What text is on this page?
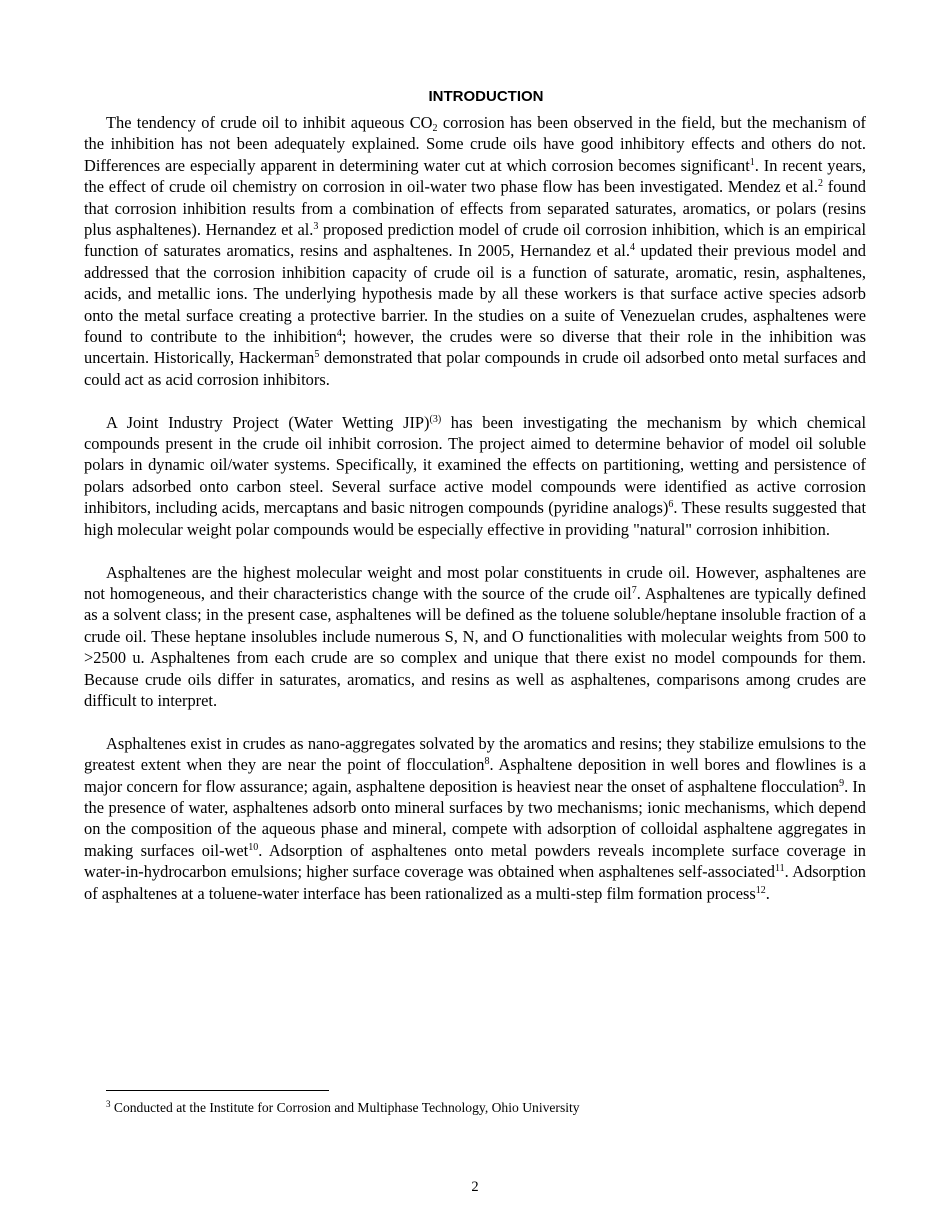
INTRODUCTION

The tendency of crude oil to inhibit aqueous $CO_2$ corrosion has been observed in the field, but the mechanism of the inhibition has not been adequately explained. Some crude oils have good inhibitory effects and others do not. Differences are especially apparent in determining water cut at which corrosion becomes significant$^1$. In recent years, the effect of crude oil chemistry on corrosion in oil-water two phase flow has been investigated. Mendez et al.$^2$ found that corrosion inhibition results from a combination of effects from separated saturates, aromatics, or polars (resins plus asphaltenes). Hernandez et al.$^3$ proposed prediction model of crude oil corrosion inhibition, which is an empirical function of saturates aromatics, resins and asphaltenes. In 2005, Hernandez et al.$^4$ updated their previous model and addressed that the corrosion inhibition capacity of crude oil is a function of saturate, aromatic, resin, asphaltenes, acids, and metallic ions. The underlying hypothesis made by all these workers is that surface active species adsorb onto the metal surface creating a protective barrier. In the studies on a suite of Venezuelan crudes, asphaltenes were found to contribute to the inhibition$^4$; however, the crudes were so diverse that their role in the inhibition was uncertain. Historically, Hackerman$^5$ demonstrated that polar compounds in crude oil adsorbed onto metal surfaces and could act as acid corrosion inhibitors.

A Joint Industry Project (Water Wetting JIP)$^{(3)}$ has been investigating the mechanism by which chemical compounds present in the crude oil inhibit corrosion. The project aimed to determine behavior of model oil soluble polars in dynamic oil/water systems. Specifically, it examined the effects on partitioning, wetting and persistence of polars adsorbed onto carbon steel. Several surface active model compounds were identified as active corrosion inhibitors, including acids, mercaptans and basic nitrogen compounds (pyridine analogs)$^6$. These results suggested that high molecular weight polar compounds would be especially effective in providing "natural" corrosion inhibition.

Asphaltenes are the highest molecular weight and most polar constituents in crude oil. However, asphaltenes are not homogeneous, and their characteristics change with the source of the crude oil$^7$. Asphaltenes are typically defined as a solvent class; in the present case, asphaltenes will be defined as the toluene soluble/heptane insoluble fraction of a crude oil. These heptane insolubles include numerous S, N, and O functionalities with molecular weights from 500 to >2500 u. Asphaltenes from each crude are so complex and unique that there exist no model compounds for them. Because crude oils differ in saturates, aromatics, and resins as well as asphaltenes, comparisons among crudes are difficult to interpret.

Asphaltenes exist in crudes as nano-aggregates solvated by the aromatics and resins; they stabilize emulsions to the greatest extent when they are near the point of flocculation$^8$. Asphaltene deposition in well bores and flowlines is a major concern for flow assurance; again, asphaltene deposition is heaviest near the onset of asphaltene flocculation$^9$. In the presence of water, asphaltenes adsorb onto mineral surfaces by two mechanisms; ionic mechanisms, which depend on the composition of the aqueous phase and mineral, compete with adsorption of colloidal asphaltene aggregates in making surfaces oil-wet$^{10}$. Adsorption of asphaltenes onto metal powders reveals incomplete surface coverage in water-in-hydrocarbon emulsions; higher surface coverage was obtained when asphaltenes self-associated$^{11}$. Adsorption of asphaltenes at a toluene-water interface has been rationalized as a multi-step film formation process$^{12}$.

$^3$ Conducted at the Institute for Corrosion and Multiphase Technology, Ohio University
2
